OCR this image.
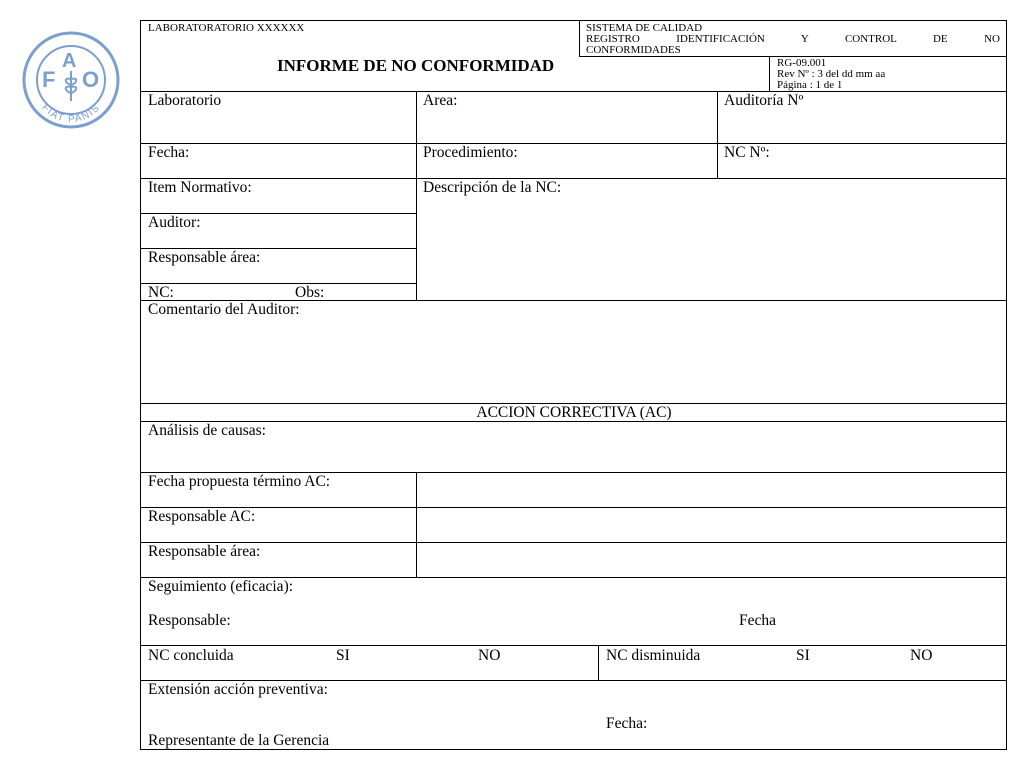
F
A
O
FIAT PANIS
LABORATORATORIO XXXXXX	SISTEMA DE CALIDAD
REGISTRO IDENTIFICACIÓN Y CONTROL DE NO
CONFORMIDADES
INFORME DE NO CONFORMIDAD	RG-09.001
Rev Nº : 3 del dd mm aa
Página : 1 de 1
Laboratorio	Area:	Auditoría Nº
Fecha:	Procedimiento:	NC Nº:
Item Normativo:	Descripción de la NC:
Auditor:
Responsable área:
NC:	Obs:
Comentario del Auditor:
ACCION CORRECTIVA (AC)
Análisis de causas:
Fecha propuesta término AC:
Responsable AC:
Responsable área:
Seguimiento (eficacia):
Responsable:	Fecha
NC concluida	SI	NO	NC disminuida	SI	NO
Extensión acción preventiva:
Fecha:
Representante de la Gerencia
